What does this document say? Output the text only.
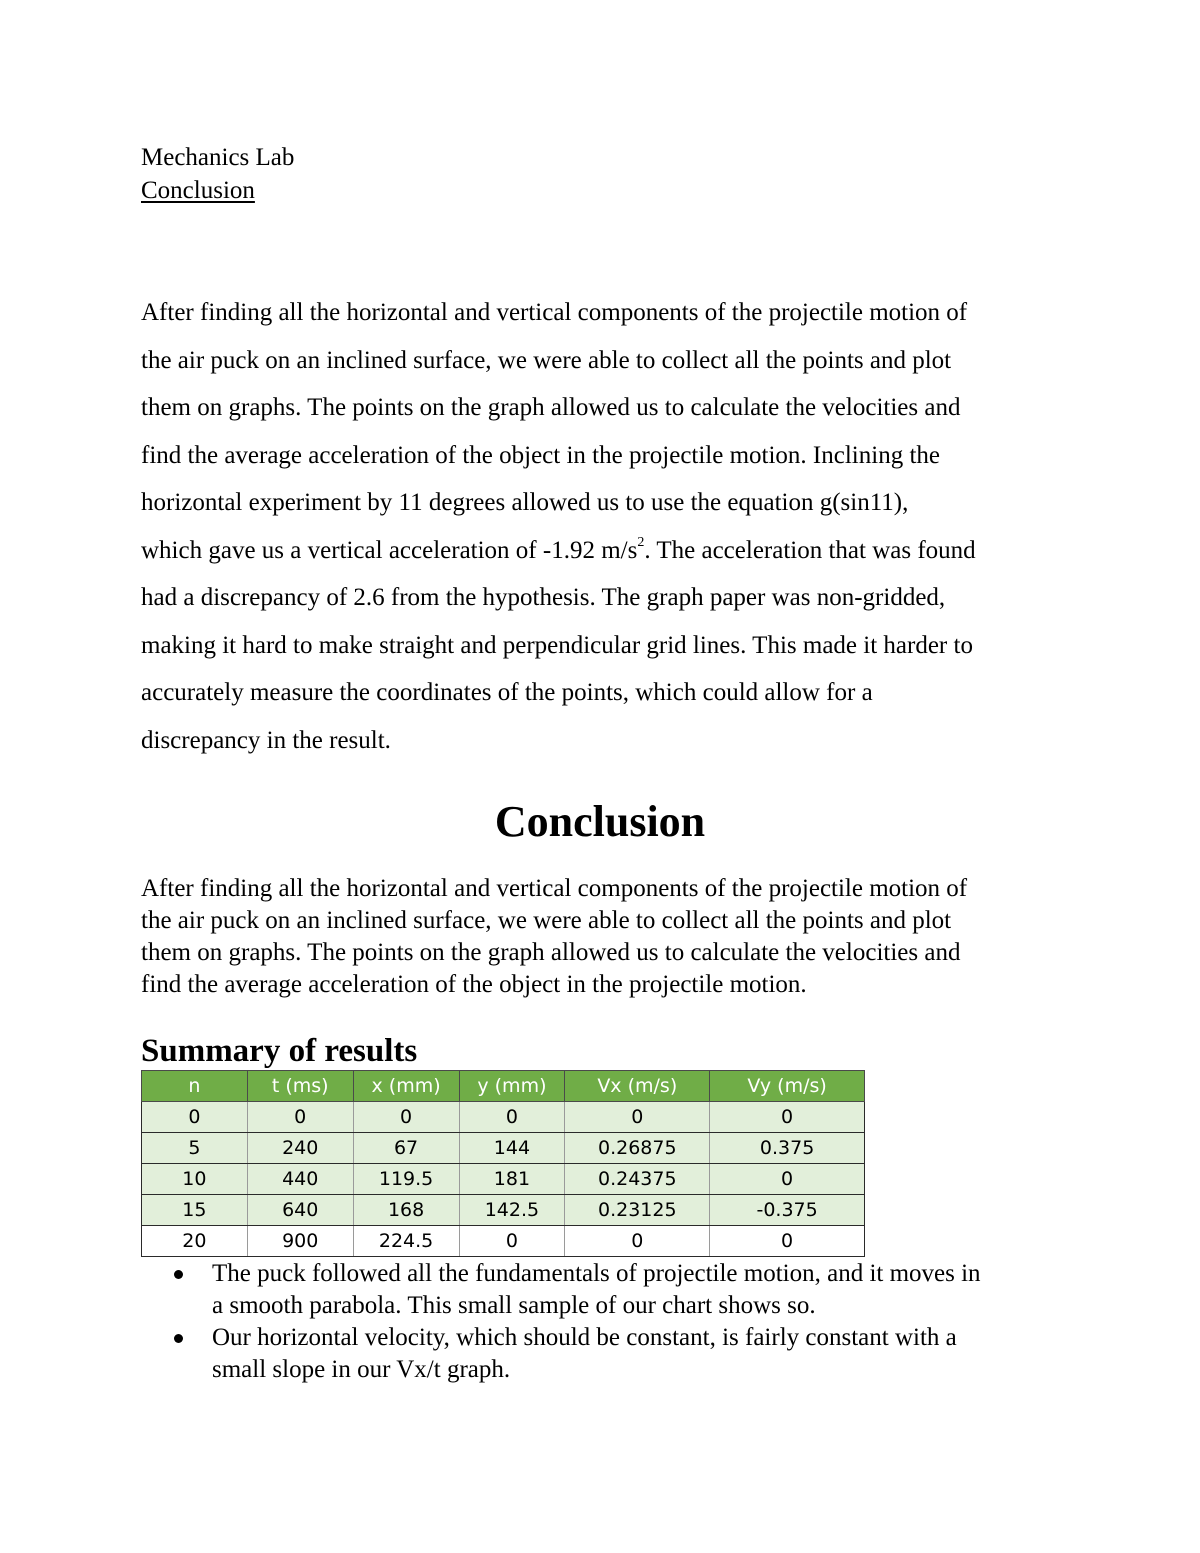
Mechanics Lab

Conclusion

After finding all the horizontal and vertical components of the projectile motion of
the air puck on an inclined surface, we were able to collect all the points and plot
them on graphs. The points on the graph allowed us to calculate the velocities and
find the average acceleration of the object in the projectile motion. Inclining the
horizontal experiment by 11 degrees allowed us to use the equation g(sin11),
which gave us a vertical acceleration of -1.92 $m/s^2$. The acceleration that was found
had a discrepancy of 2.6 from the hypothesis. The graph paper was non-gridded,
making it hard to make straight and perpendicular grid lines. This made it harder to
accurately measure the coordinates of the points, which could allow for a
discrepancy in the result.
Conclusion
After finding all the horizontal and vertical components of the projectile motion of
the air puck on an inclined surface, we were able to collect all the points and plot
them on graphs. The points on the graph allowed us to calculate the velocities and
find the average acceleration of the object in the projectile motion.
Summary of results
n	t (ms)	x (mm)	y (mm)	Vx (m/s)	Vy (m/s)
0	0	0	0	0	0
5	240	67	144	0.26875	0.375
10	440	119.5	181	0.24375	0
15	640	168	142.5	0.23125	-0.375
20	900	224.5	0	0	0
The puck followed all the fundamentals of projectile motion, and it moves in
a smooth parabola. This small sample of our chart shows so.
Our horizontal velocity, which should be constant, is fairly constant with a
small slope in our Vx/t graph.
